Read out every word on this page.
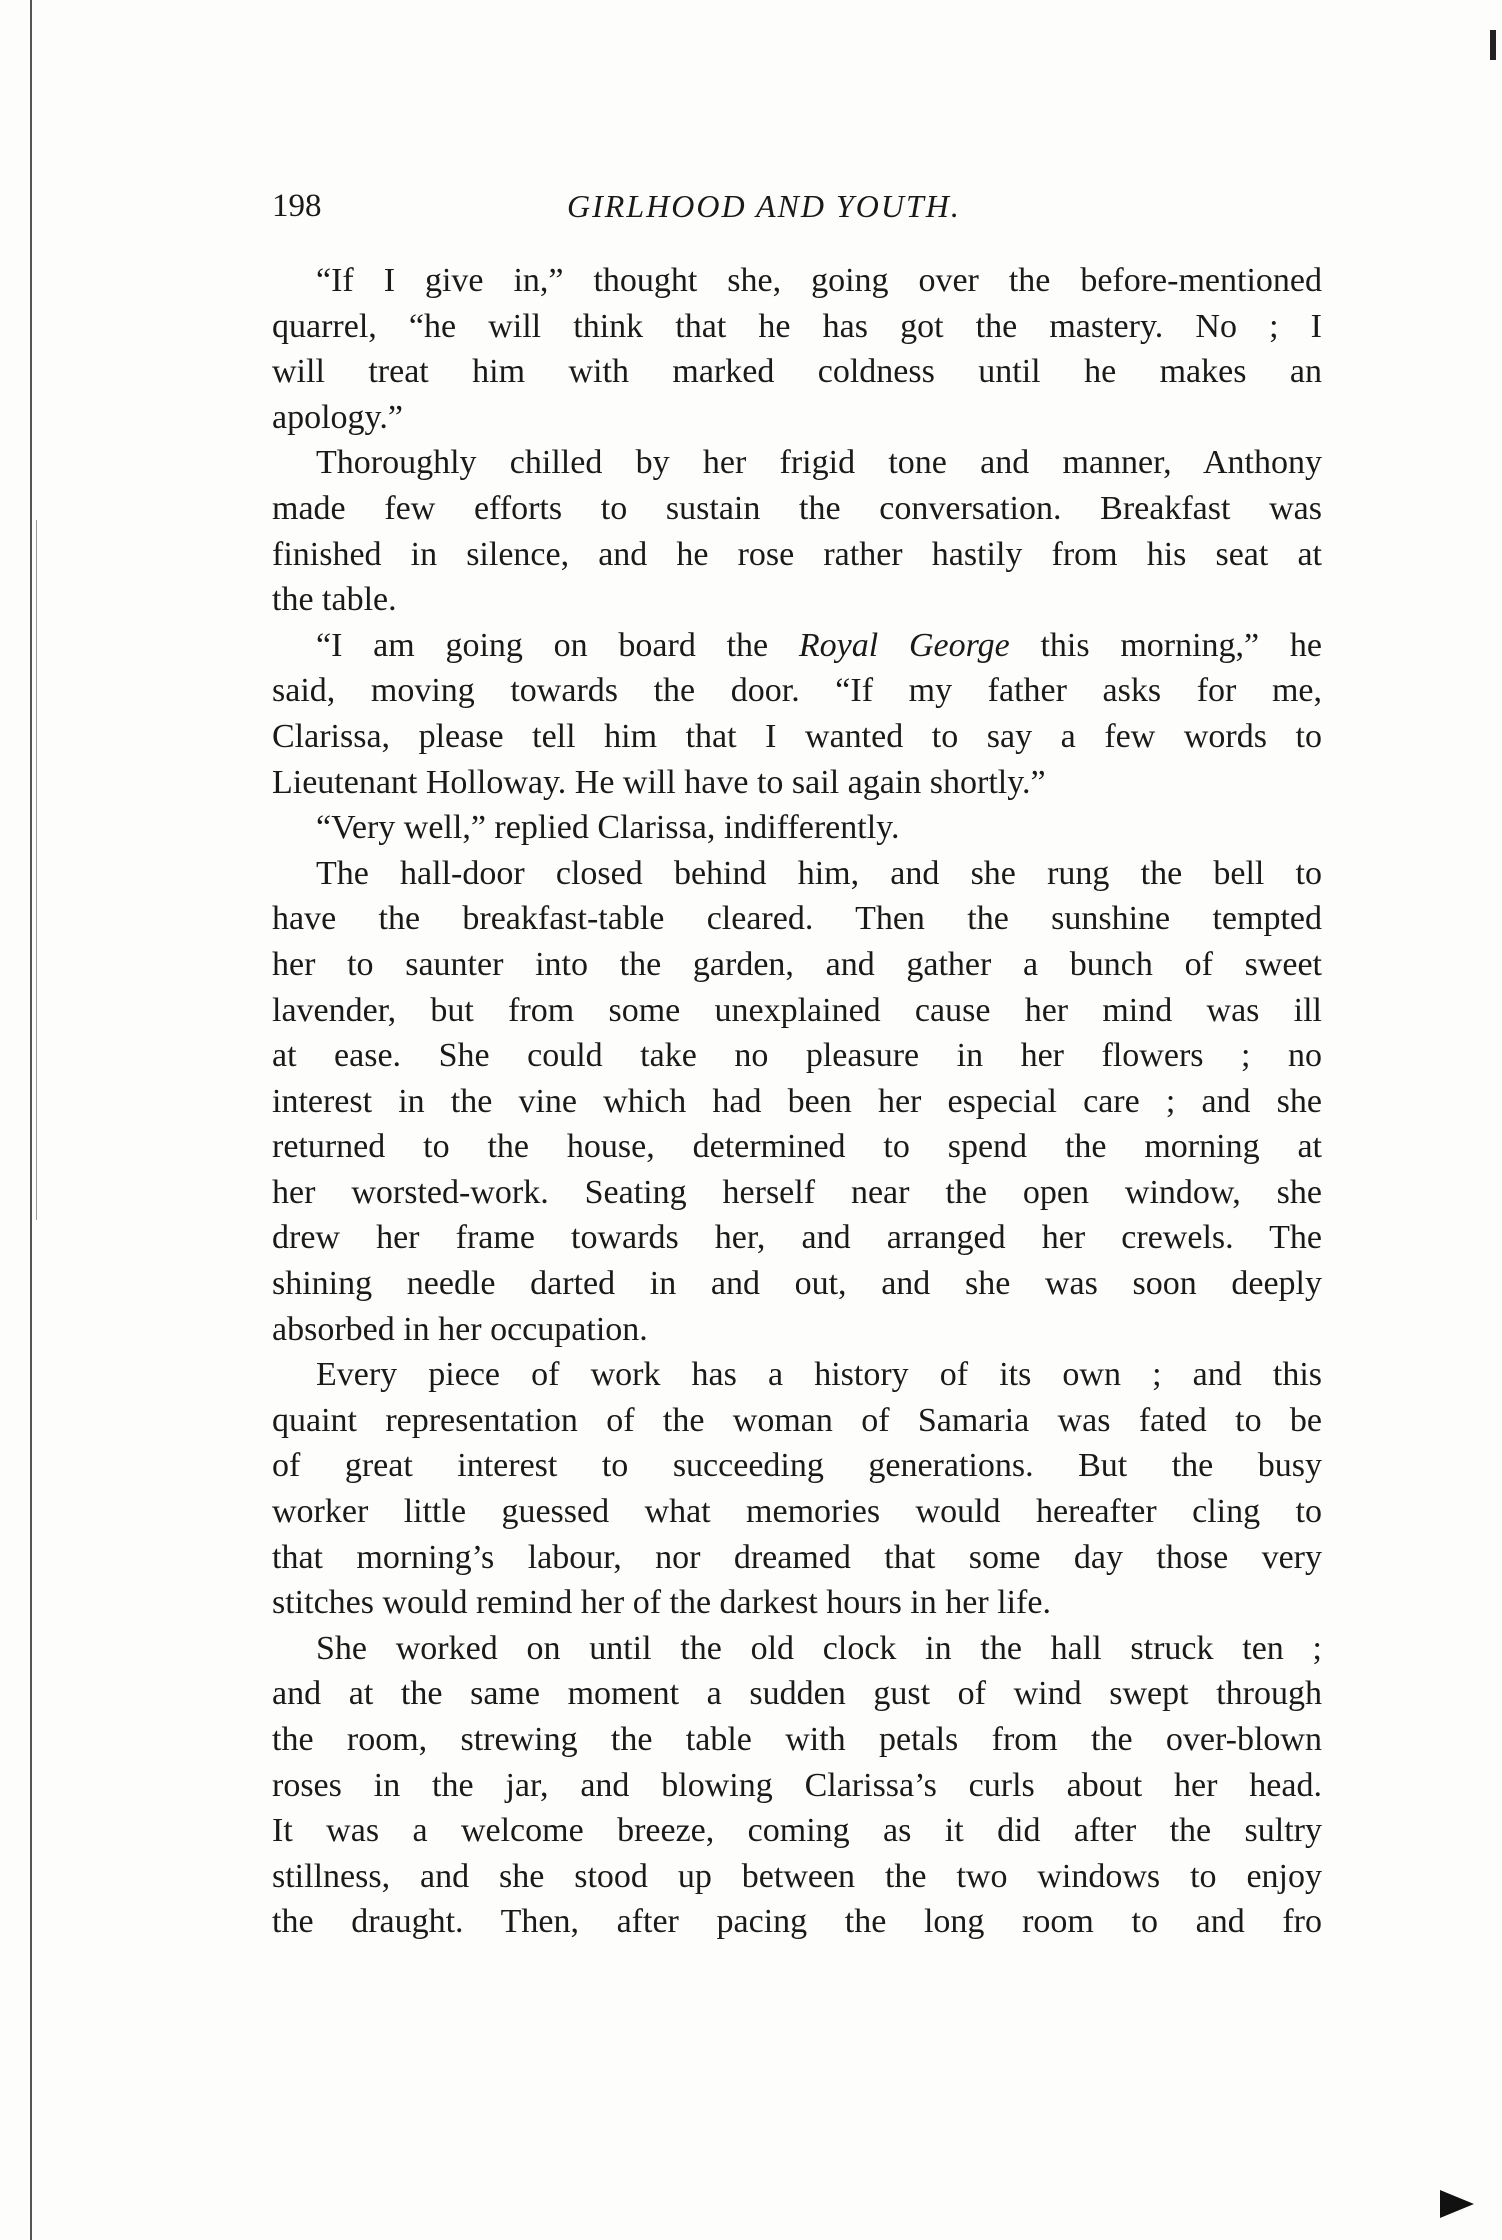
198	GIRLHOOD AND YOUTH.
“If I give in,” thought she, going over the before-mentioned
quarrel, “he will think that he has got the mastery. No ; I
will treat him with marked coldness until he makes an
apology.”
Thoroughly chilled by her frigid tone and manner, Anthony
made few efforts to sustain the conversation. Breakfast was
finished in silence, and he rose rather hastily from his seat at
the table.
“I am going on board the Royal George this morning,” he
said, moving towards the door. “If my father asks for me,
Clarissa, please tell him that I wanted to say a few words to
Lieutenant Holloway. He will have to sail again shortly.”
“Very well,” replied Clarissa, indifferently.
The hall-door closed behind him, and she rung the bell to
have the breakfast-table cleared. Then the sunshine tempted
her to saunter into the garden, and gather a bunch of sweet
lavender, but from some unexplained cause her mind was ill
at ease. She could take no pleasure in her flowers ; no
interest in the vine which had been her especial care ; and she
returned to the house, determined to spend the morning at
her worsted-work. Seating herself near the open window, she
drew her frame towards her, and arranged her crewels. The
shining needle darted in and out, and she was soon deeply
absorbed in her occupation.
Every piece of work has a history of its own ; and this
quaint representation of the woman of Samaria was fated to be
of great interest to succeeding generations. But the busy
worker little guessed what memories would hereafter cling to
that morning’s labour, nor dreamed that some day those very
stitches would remind her of the darkest hours in her life.
She worked on until the old clock in the hall struck ten ;
and at the same moment a sudden gust of wind swept through
the room, strewing the table with petals from the over-blown
roses in the jar, and blowing Clarissa’s curls about her head.
It was a welcome breeze, coming as it did after the sultry
stillness, and she stood up between the two windows to enjoy
the draught. Then, after pacing the long room to and fro
